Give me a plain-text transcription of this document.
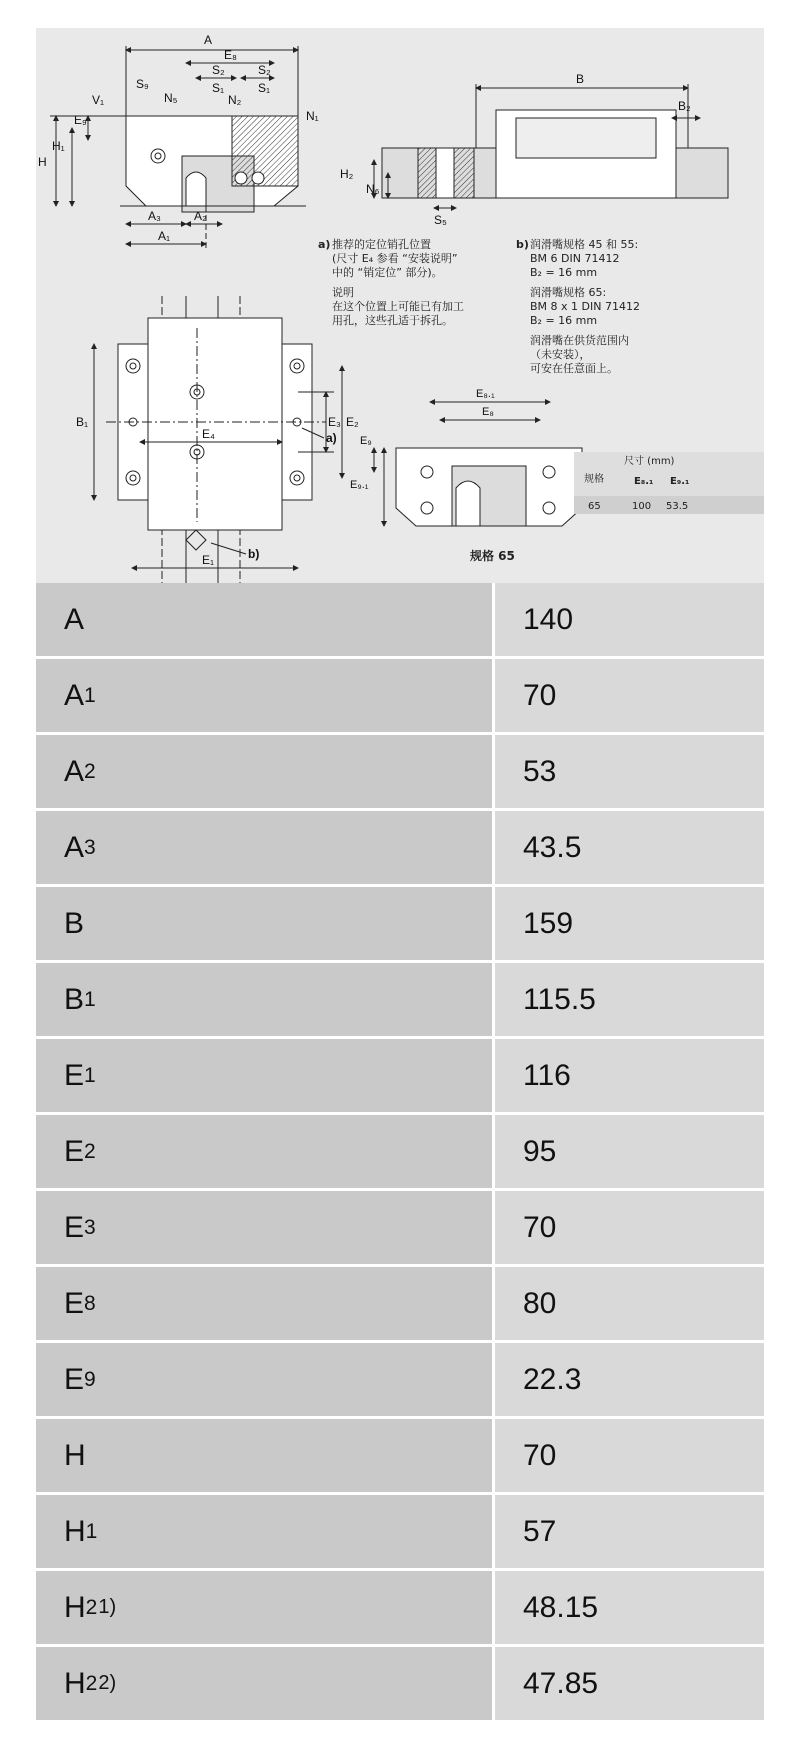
A
E₈
S₂	S₂
S₁	S₁
S₉
N₅	N₂
N₁
V₁
E₉
H
H₁
A₃	A₂
A₁
B
B₂
H₂
N₆
S₅
a) 推荐的定位销孔位置
(尺寸 E₄ 参看 “安装说明”
中的 “销定位” 部分)。
说明
在这个位置上可能已有加工
用孔，这些孔适于拆孔。
b) 润滑嘴规格 45 和 55:
BM 6 DIN 71412
B₂ = 16 mm
润滑嘴规格 65:
BM 8 x 1 DIN 71412
B₂ = 16 mm
润滑嘴在供货范围内
（未安装），
可安在任意面上。
B₁
E₄
E₃ E₂
E₁
a)
b)
E₈.₁
E₈
E₉
E₉.₁
规格 65
尺寸 (mm)
规格	E₈.₁ E₉.₁
65	100 53.5
A	140
A 1	70
A 2	53
A 3	43.5
B	159
B 1	115.5
E 1	116
E 2	95
E 3	70
E 8	80
E 9	22.3
H	70
H 1	57
H 2 1)	48.15
H 2 2)	47.85
